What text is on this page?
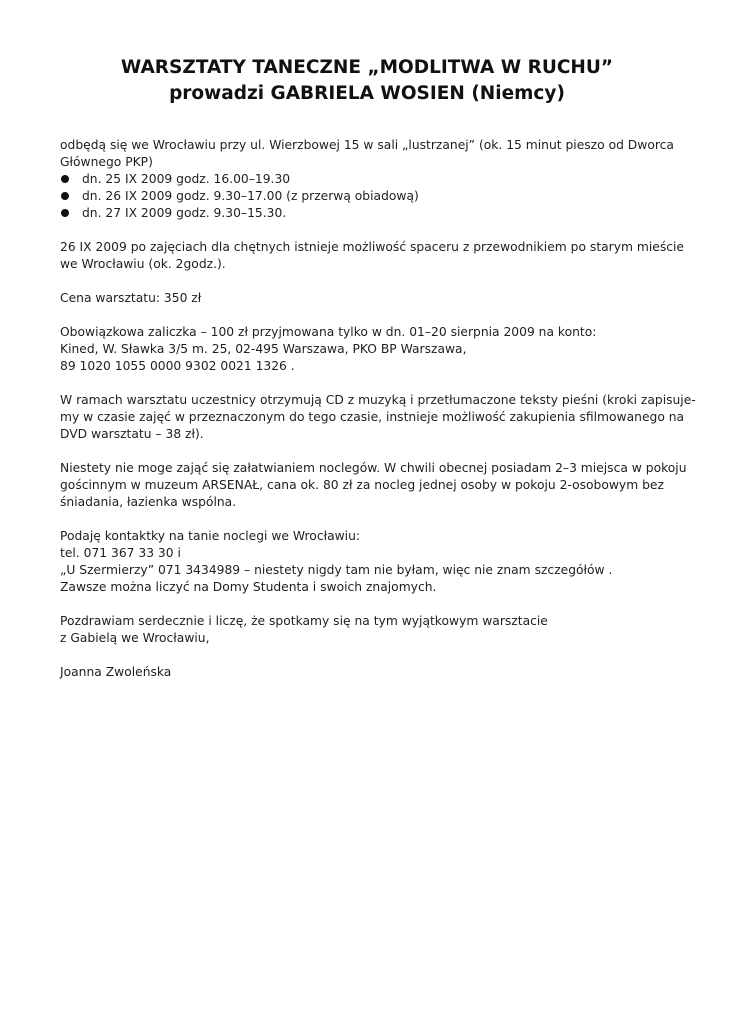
WARSZTATY TANECZNE „MODLITWA W RUCHU”
prowadzi GABRIELA WOSIEN (Niemcy)
odbędą się we Wrocławiu przy ul. Wierzbowej 15 w sali „lustrzanej” (ok. 15 minut pieszo od Dworca
Głównego PKP)
dn. 25 IX 2009 godz. 16.00–19.30
dn. 26 IX 2009 godz. 9.30–17.00 (z przerwą obiadową)
dn. 27 IX 2009 godz. 9.30–15.30.
26 IX 2009 po zajęciach dla chętnych istnieje możliwość spaceru z przewodnikiem po starym mieście
we Wrocławiu (ok. 2godz.).
Cena warsztatu: 350 zł
Obowiązkowa zaliczka – 100 zł przyjmowana tylko w dn. 01–20 sierpnia 2009 na konto:
Kined, W. Sławka 3/5 m. 25, 02-495 Warszawa, PKO BP Warszawa,
89 1020 1055 0000 9302 0021 1326 .
W ramach warsztatu uczestnicy otrzymują CD z muzyką i przetłumaczone teksty pieśni (kroki zapisuje-
my w czasie zajęć w przeznaczonym do tego czasie, instnieje możliwość zakupienia sfilmowanego na
DVD warsztatu – 38 zł).
Niestety nie moge zająć się załatwianiem noclegów. W chwili obecnej posiadam 2–3 miejsca w pokoju
gościnnym w muzeum ARSENAŁ, cana ok. 80 zł za nocleg jednej osoby w pokoju 2-osobowym bez
śniadania, łazienka wspólna.
Podaję kontaktky na tanie noclegi we Wrocławiu:
tel. 071 367 33 30 i
„U Szermierzy” 071 3434989 – niestety nigdy tam nie byłam, więc nie znam szczegółów .
Zawsze można liczyć na Domy Studenta i swoich znajomych.
Pozdrawiam serdecznie i liczę, że spotkamy się na tym wyjątkowym warsztacie
z Gabielą we Wrocławiu,
Joanna Zwoleńska
